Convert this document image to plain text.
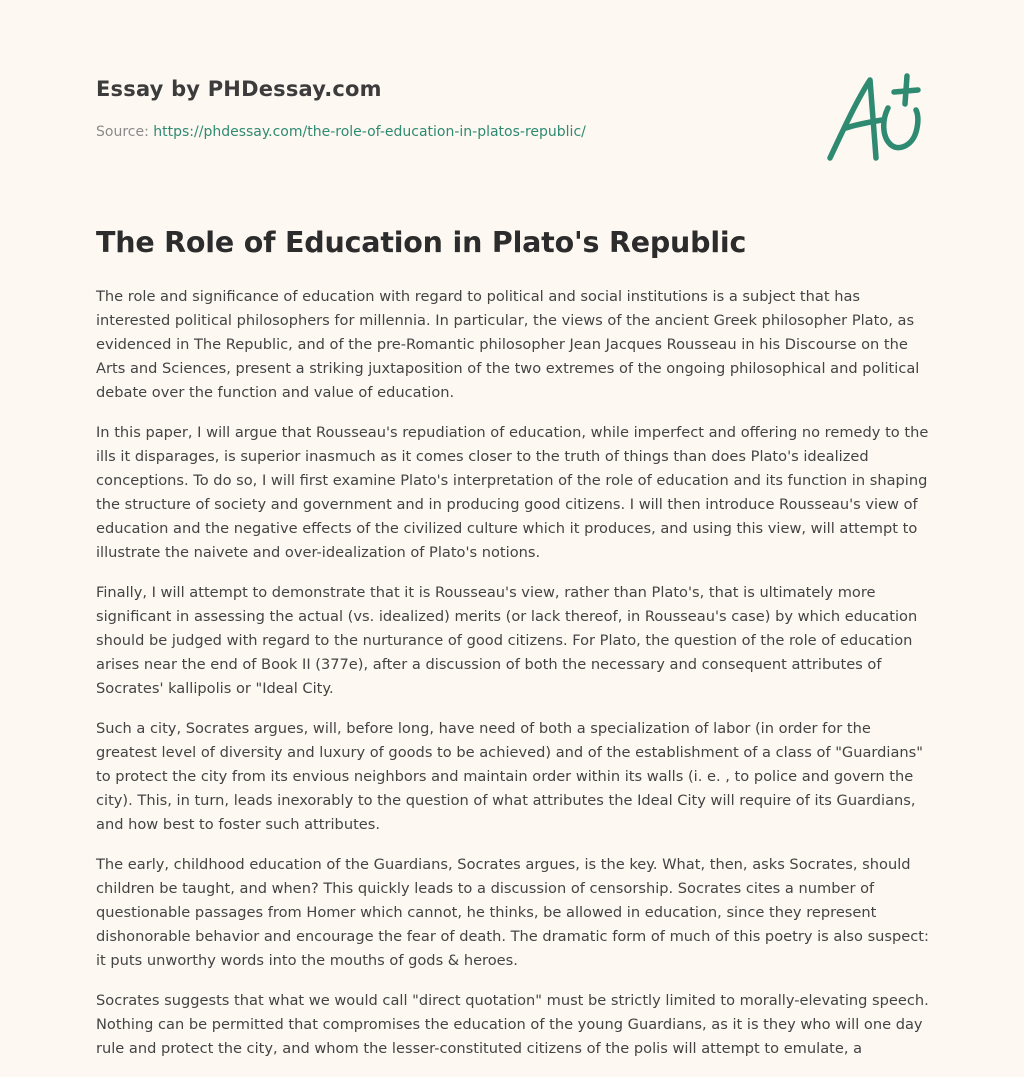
Essay by PHDessay.com
Source: https://phdessay.com/the-role-of-education-in-platos-republic/
The Role of Education in Plato's Republic

The role and significance of education with regard to political and social institutions is a subject that has interested political philosophers for millennia. In particular, the views of the ancient Greek philosopher Plato, as evidenced in The Republic, and of the pre-Romantic philosopher Jean Jacques Rousseau in his Discourse on the Arts and Sciences, present a striking juxtaposition of the two extremes of the ongoing philosophical and political debate over the function and value of education.

In this paper, I will argue that Rousseau's repudiation of education, while imperfect and offering no remedy to the ills it disparages, is superior inasmuch as it comes closer to the truth of things than does Plato's idealized conceptions. To do so, I will first examine Plato's interpretation of the role of education and its function in shaping the structure of society and government and in producing good citizens. I will then introduce Rousseau's view of education and the negative effects of the civilized culture which it produces, and using this view, will attempt to illustrate the naivete and over-idealization of Plato's notions.

Finally, I will attempt to demonstrate that it is Rousseau's view, rather than Plato's, that is ultimately more significant in assessing the actual (vs. idealized) merits (or lack thereof, in Rousseau's case) by which education should be judged with regard to the nurturance of good citizens. For Plato, the question of the role of education arises near the end of Book II (377e), after a discussion of both the necessary and consequent attributes of Socrates' kallipolis or "Ideal City.

Such a city, Socrates argues, will, before long, have need of both a specialization of labor (in order for the greatest level of diversity and luxury of goods to be achieved) and of the establishment of a class of "Guardians" to protect the city from its envious neighbors and maintain order within its walls (i. e. , to police and govern the city). This, in turn, leads inexorably to the question of what attributes the Ideal City will require of its Guardians, and how best to foster such attributes.

The early, childhood education of the Guardians, Socrates argues, is the key. What, then, asks Socrates, should children be taught, and when? This quickly leads to a discussion of censorship. Socrates cites a number of questionable passages from Homer which cannot, he thinks, be allowed in education, since they represent dishonorable behavior and encourage the fear of death. The dramatic form of much of this poetry is also suspect: it puts unworthy words into the mouths of gods & heroes.

Socrates suggests that what we would call "direct quotation" must be strictly limited to morally-elevating speech. Nothing can be permitted that compromises the education of the young Guardians, as it is they who will one day rule and protect the city, and whom the lesser-constituted citizens of the polis will attempt to emulate, a
